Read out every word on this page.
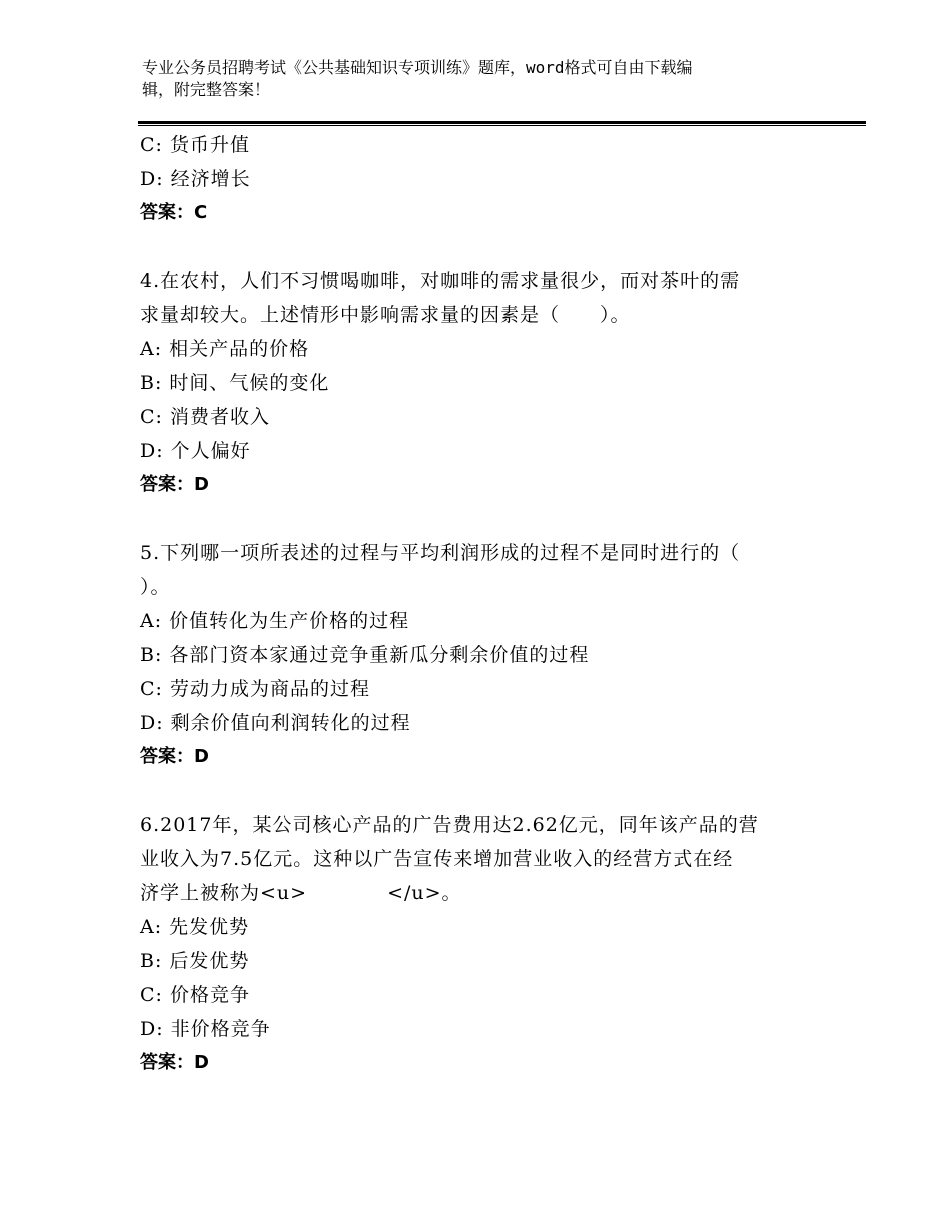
专业公务员招聘考试《公共基础知识专项训练》题库，word格式可自由下载编
辑，附完整答案！
C: 货币升值
D: 经济增长
答案：C
4.在农村，人们不习惯喝咖啡，对咖啡的需求量很少，而对茶叶的需
求量却较大。上述情形中影响需求量的因素是（　　）。
A: 相关产品的价格
B: 时间、气候的变化
C: 消费者收入
D: 个人偏好
答案：D
5.下列哪一项所表述的过程与平均利润形成的过程不是同时进行的（
）。
A: 价值转化为生产价格的过程
B: 各部门资本家通过竞争重新瓜分剩余价值的过程
C: 劳动力成为商品的过程
D: 剩余价值向利润转化的过程
答案：D
6.2017年，某公司核心产品的广告费用达2.62亿元，同年该产品的营
业收入为7.5亿元。这种以广告宣传来增加营业收入的经营方式在经
济学上被称为<u>　　　　</u>。
A: 先发优势
B: 后发优势
C: 价格竞争
D: 非价格竞争
答案：D
